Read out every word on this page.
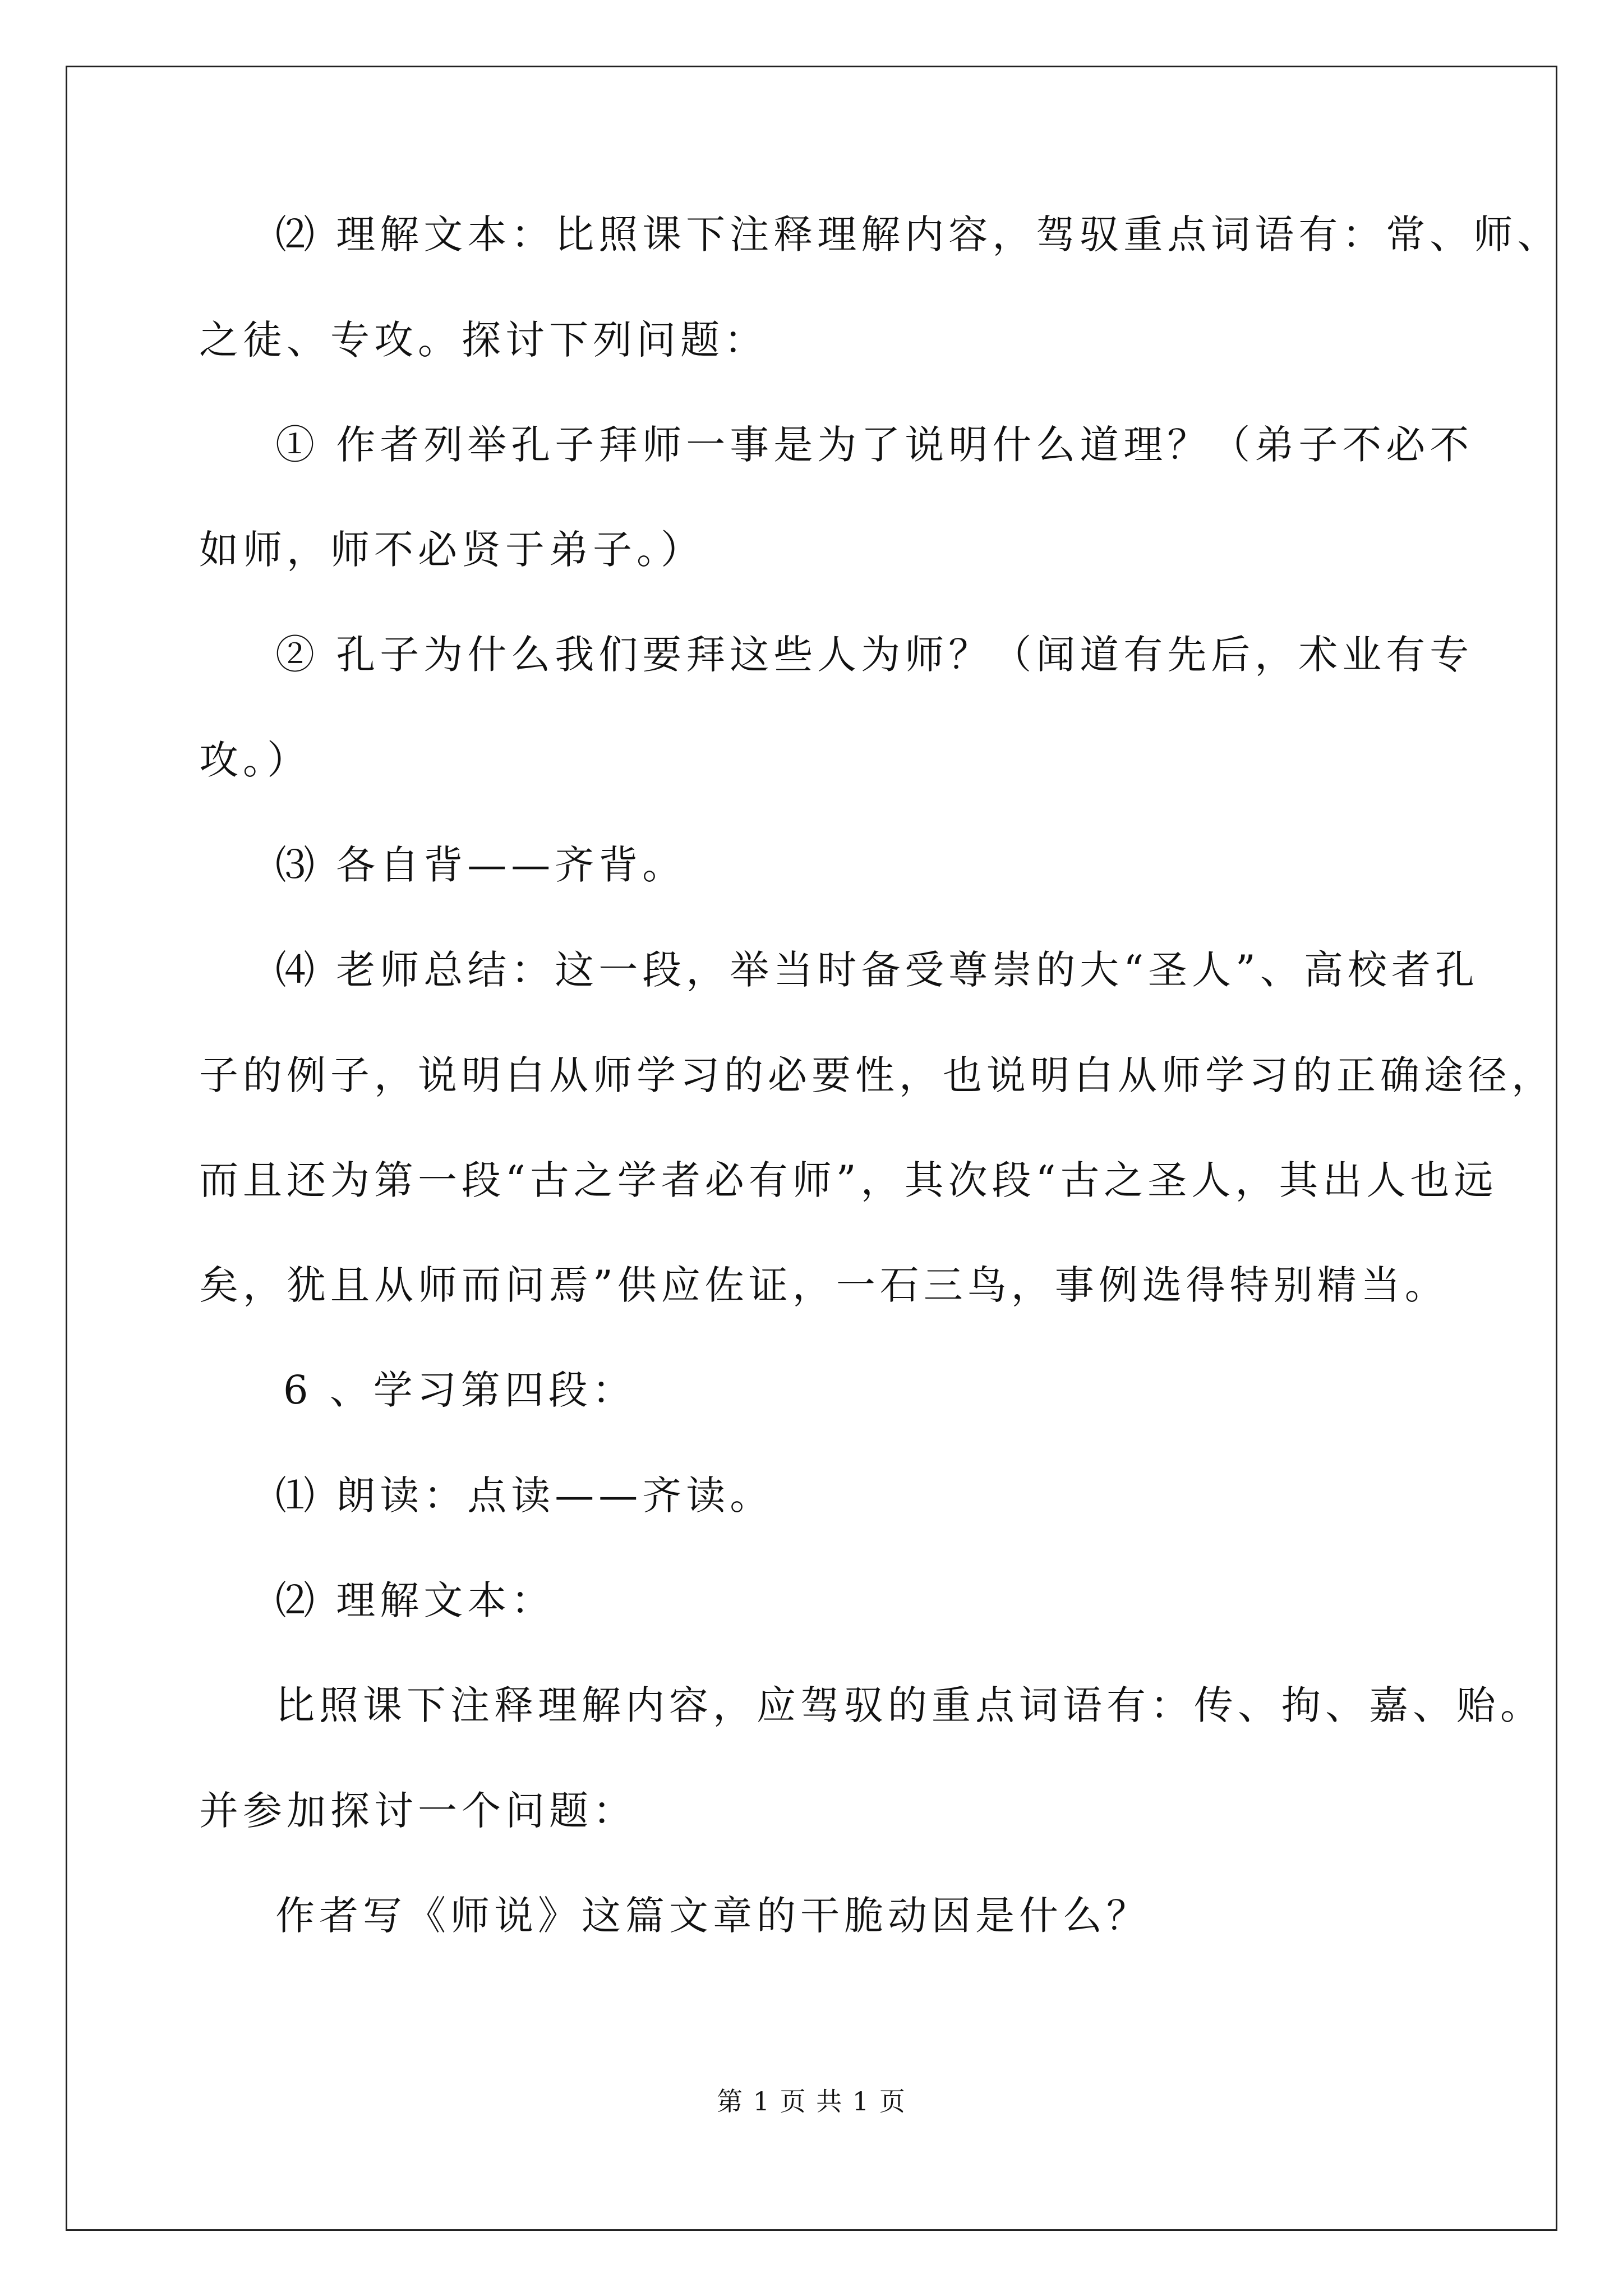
⑵ 理解文本：比照课下注释理解内容，驾驭重点词语有：常、师、
之徒、专攻。探讨下列问题：
① 作者列举孔子拜师一事是为了说明什么道理？（弟子不必不
如师，师不必贤于弟子。）
② 孔子为什么我们要拜这些人为师？（闻道有先后，术业有专
攻。）
⑶ 各自背——齐背。
⑷ 老师总结：这一段，举当时备受尊崇的大“圣人”、高校者孔
子的例子，说明白从师学习的必要性，也说明白从师学习的正确途径，
而且还为第一段“古之学者必有师”，其次段“古之圣人，其出人也远
矣，犹且从师而问焉”供应佐证，一石三鸟，事例选得特别精当。
6 、学习第四段：
⑴ 朗读：点读——齐读。
⑵ 理解文本：
比照课下注释理解内容，应驾驭的重点词语有：传、拘、嘉、贻。
并参加探讨一个问题：
作者写《师说》这篇文章的干脆动因是什么？
第 1 页 共 1 页
